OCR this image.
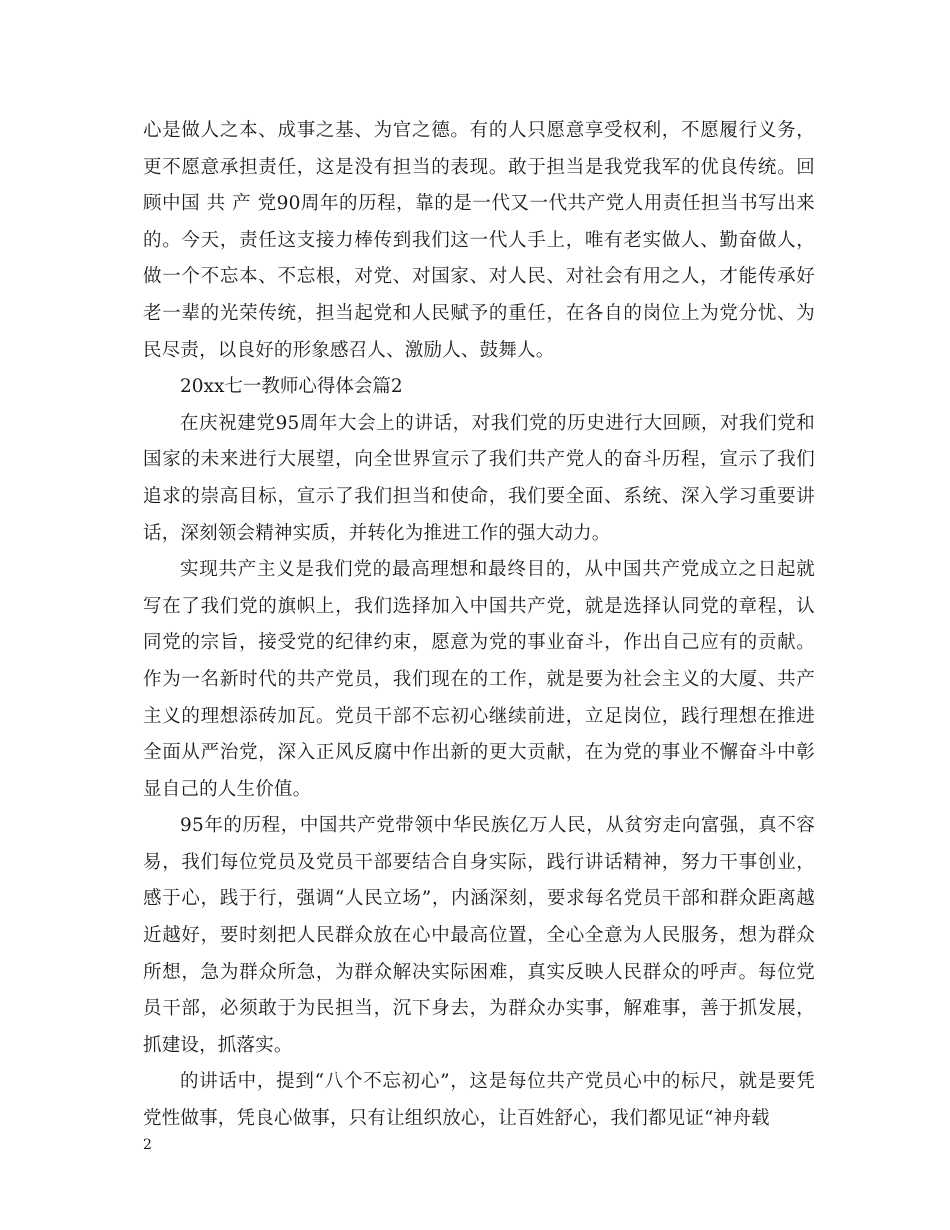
心是做人之本、成事之基、为官之德。有的人只愿意享受权利，不愿履行义务，更不愿意承担责任，这是没有担当的表现。敢于担当是我党我军的优良传统。回顾中国 共 产 党90周年的历程，靠的是一代又一代共产党人用责任担当书写出来的。今天，责任这支接力棒传到我们这一代人手上，唯有老实做人、勤奋做人，做一个不忘本、不忘根，对党、对国家、对人民、对社会有用之人，才能传承好老一辈的光荣传统，担当起党和人民赋予的重任，在各自的岗位上为党分忧、为民尽责，以良好的形象感召人、激励人、鼓舞人。

20xx七一教师心得体会篇2

在庆祝建党95周年大会上的讲话，对我们党的历史进行大回顾，对我们党和国家的未来进行大展望，向全世界宣示了我们共产党人的奋斗历程，宣示了我们追求的崇高目标，宣示了我们担当和使命，我们要全面、系统、深入学习重要讲话，深刻领会精神实质，并转化为推进工作的强大动力。

实现共产主义是我们党的最高理想和最终目的，从中国共产党成立之日起就写在了我们党的旗帜上，我们选择加入中国共产党，就是选择认同党的章程，认同党的宗旨，接受党的纪律约束，愿意为党的事业奋斗，作出自己应有的贡献。作为一名新时代的共产党员，我们现在的工作，就是要为社会主义的大厦、共产主义的理想添砖加瓦。党员干部不忘初心继续前进，立足岗位，践行理想在推进全面从严治党，深入正风反腐中作出新的更大贡献，在为党的事业不懈奋斗中彰显自己的人生价值。

95年的历程，中国共产党带领中华民族亿万人民，从贫穷走向富强，真不容易，我们每位党员及党员干部要结合自身实际，践行讲话精神，努力干事创业，感于心，践于行，强调“人民立场”，内涵深刻，要求每名党员干部和群众距离越近越好，要时刻把人民群众放在心中最高位置，全心全意为人民服务，想为群众所想，急为群众所急，为群众解决实际困难，真实反映人民群众的呼声。每位党员干部，必须敢于为民担当，沉下身去，为群众办实事，解难事，善于抓发展，抓建设，抓落实。

的讲话中，提到“八个不忘初心”，这是每位共产党员心中的标尺，就是要凭党性做事，凭良心做事，只有让组织放心，让百姓舒心，我们都见证“神舟载

2
